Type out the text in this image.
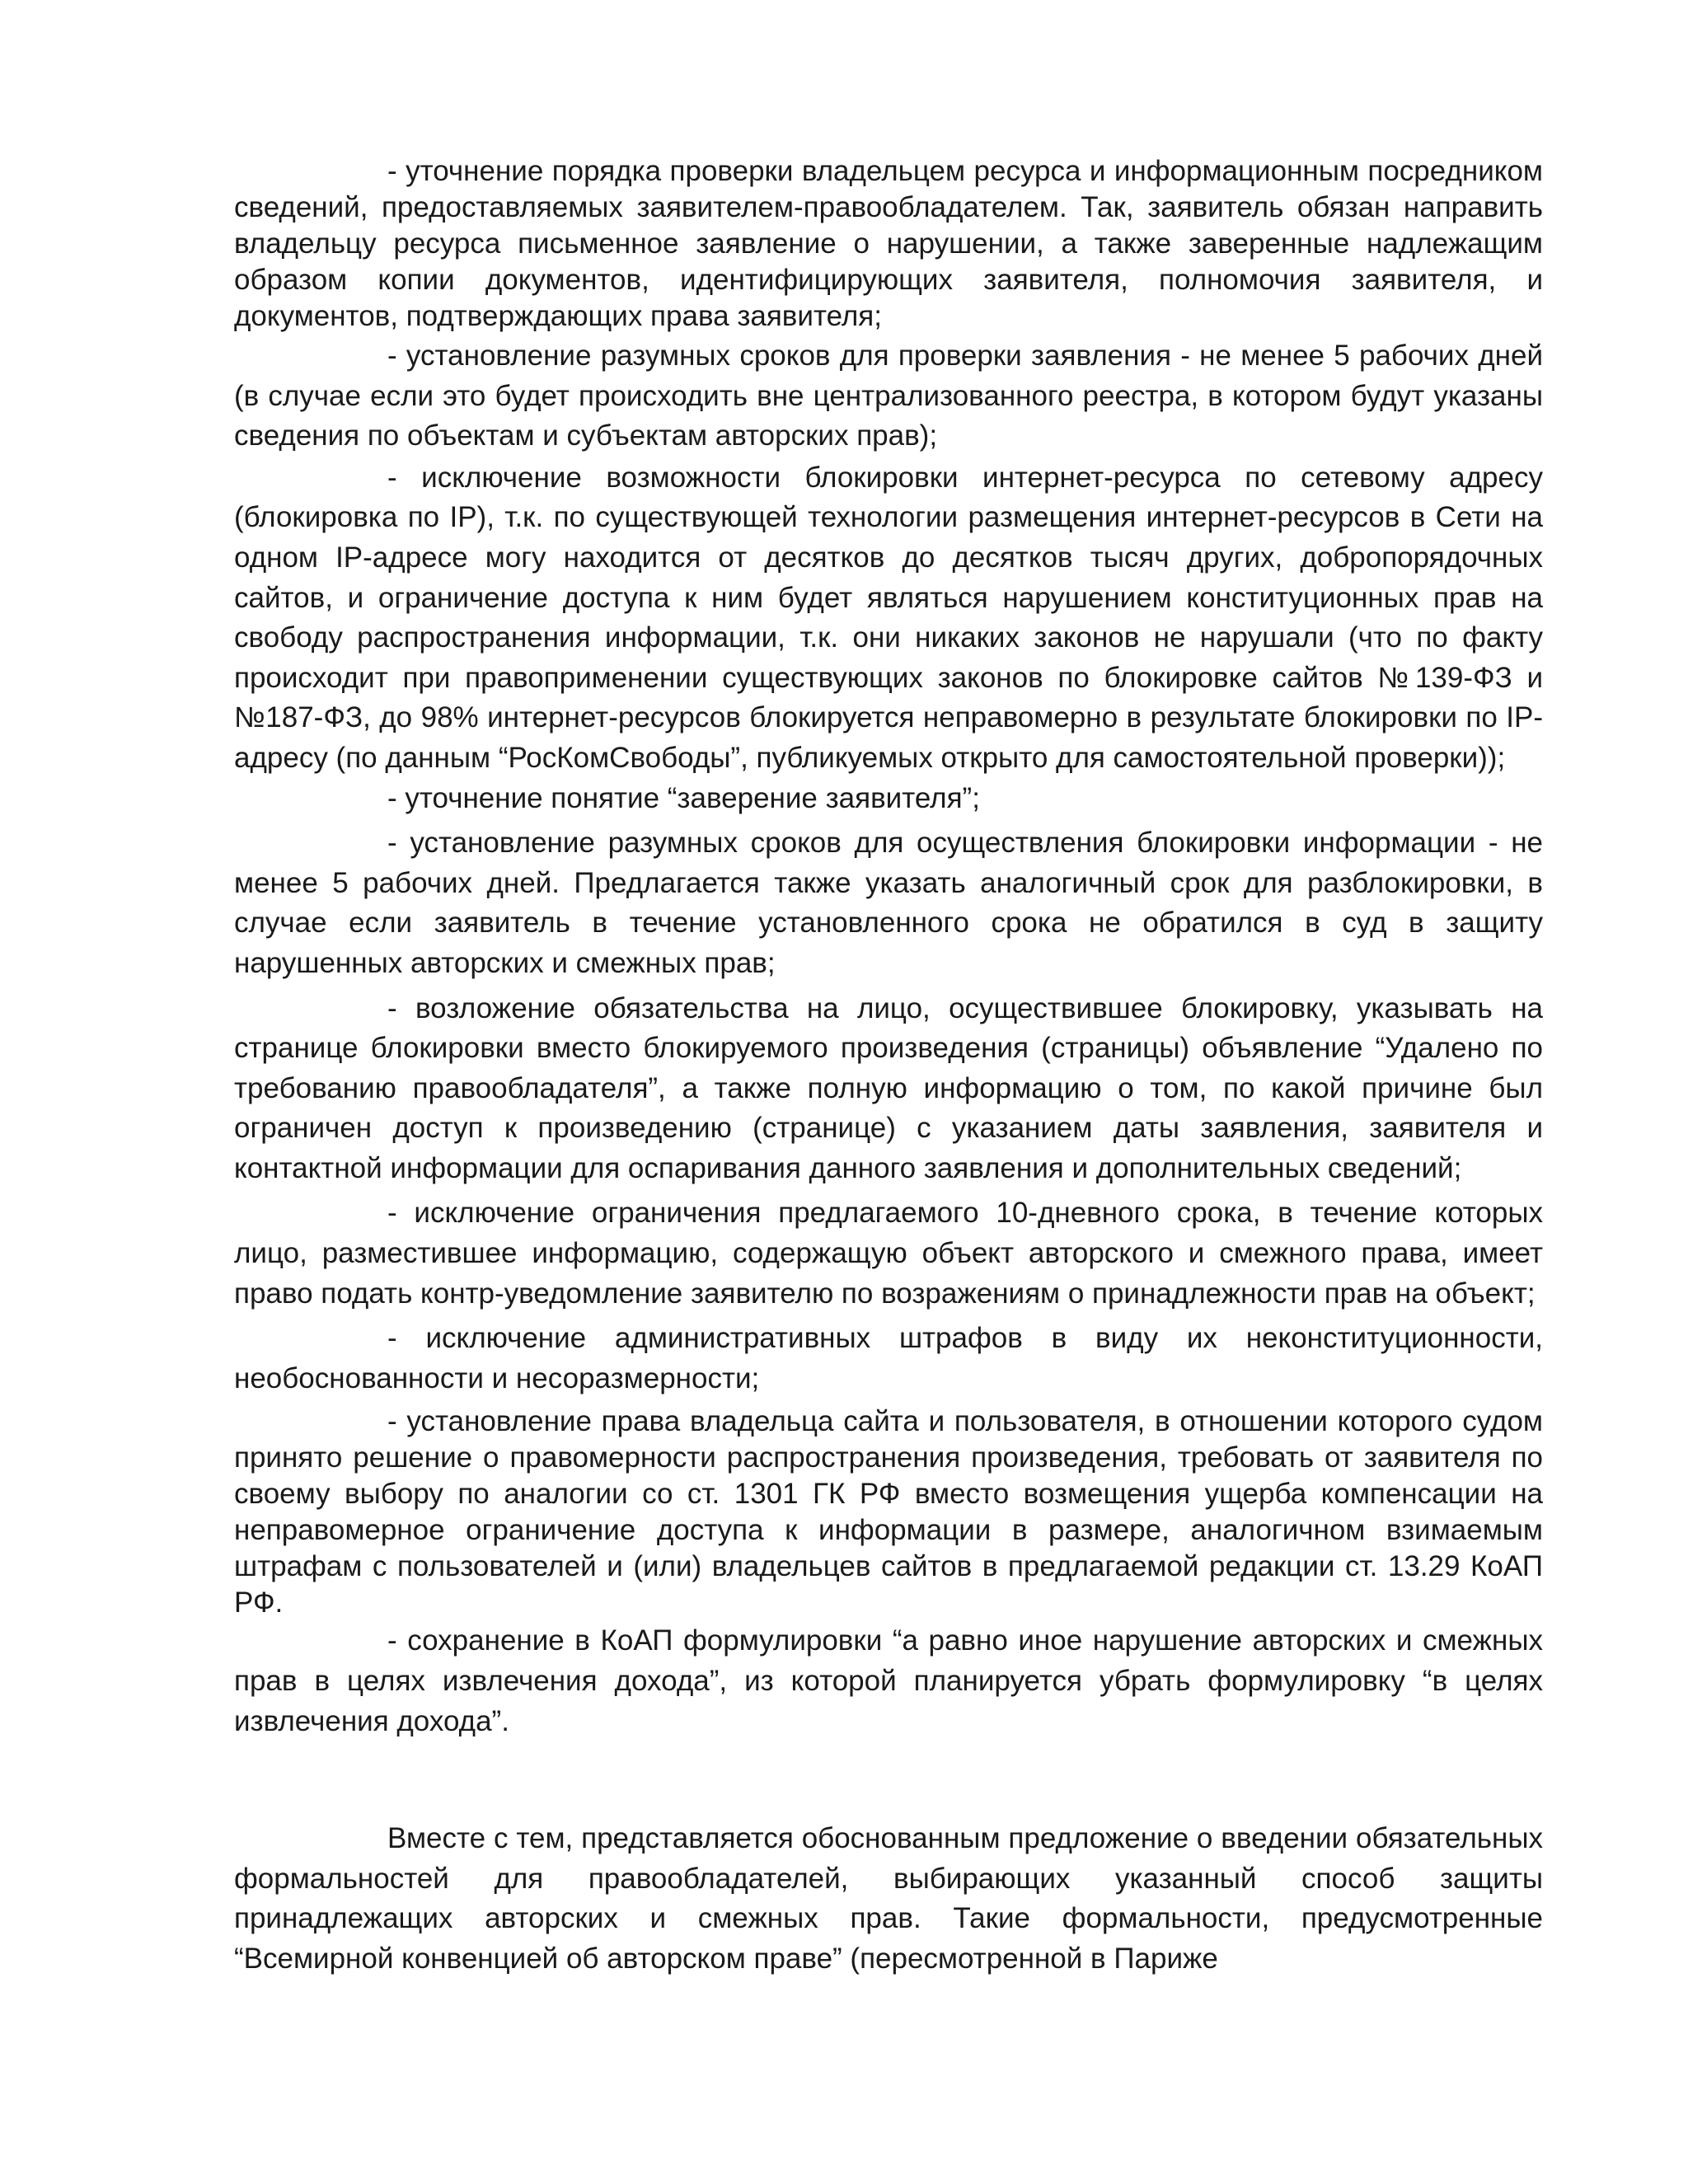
- уточнение порядка проверки владельцем ресурса и информационным посредником сведений, предоставляемых заявителем-правообладателем. Так, заявитель обязан направить владельцу ресурса письменное заявление о нарушении, а также заверенные надлежащим образом копии документов, идентифицирующих заявителя, полномочия заявителя, и документов, подтверждающих права заявителя;

- установление разумных сроков для проверки заявления - не менее 5 рабочих дней (в случае если это будет происходить вне централизованного реестра, в котором будут указаны сведения по объектам и субъектам авторских прав);

- исключение возможности блокировки интернет-ресурса по сетевому адресу (блокировка по IP), т.к. по существующей технологии размещения интернет-ресурсов в Сети на одном IP-адресе могу находится от десятков до десятков тысяч других, добропорядочных сайтов, и ограничение доступа к ним будет являться нарушением конституционных прав на свободу распространения информации, т.к. они никаких законов не нарушали (что по факту происходит при правоприменении существующих законов по блокировке сайтов №139-ФЗ и №187-ФЗ, до 98% интернет-ресурсов блокируется неправомерно в результате блокировки по IP-адресу (по данным “РосКомСвободы”, публикуемых открыто для самостоятельной проверки));

- уточнение понятие “заверение заявителя”;

- установление разумных сроков для осуществления блокировки информации - не менее 5 рабочих дней. Предлагается также указать аналогичный срок для разблокировки, в случае если заявитель в течение установленного срока не обратился в суд в защиту нарушенных авторских и смежных прав;

- возложение обязательства на лицо, осуществившее блокировку, указывать на странице блокировки вместо блокируемого произведения (страницы) объявление “Удалено по требованию правообладателя”, а также полную информацию о том, по какой причине был ограничен доступ к произведению (странице) с указанием даты заявления, заявителя и контактной информации для оспаривания данного заявления и дополнительных сведений;

- исключение ограничения предлагаемого 10-дневного срока, в течение которых лицо, разместившее информацию, содержащую объект авторского и смежного права, имеет право подать контр-уведомление заявителю по возражениям о принадлежности прав на объект;

- исключение административных штрафов в виду их неконституционности, необоснованности и несоразмерности;

- установление права владельца сайта и пользователя, в отношении которого судом принято решение о правомерности распространения произведения, требовать от заявителя по своему выбору по аналогии со ст. 1301 ГК РФ вместо возмещения ущерба компенсации на неправомерное ограничение доступа к информации в размере, аналогичном взимаемым штрафам с пользователей и (или) владельцев сайтов в предлагаемой редакции ст. 13.29 КоАП РФ.

- сохранение в КоАП формулировки “а равно иное нарушение авторских и смежных прав в целях извлечения дохода”, из которой планируется убрать формулировку “в целях извлечения дохода”.

Вместе с тем, представляется обоснованным предложение о введении обязательных формальностей для правообладателей, выбирающих указанный способ защиты принадлежащих авторских и смежных прав. Такие формальности, предусмотренные “Всемирной конвенцией об авторском праве” (пересмотренной в Париже
